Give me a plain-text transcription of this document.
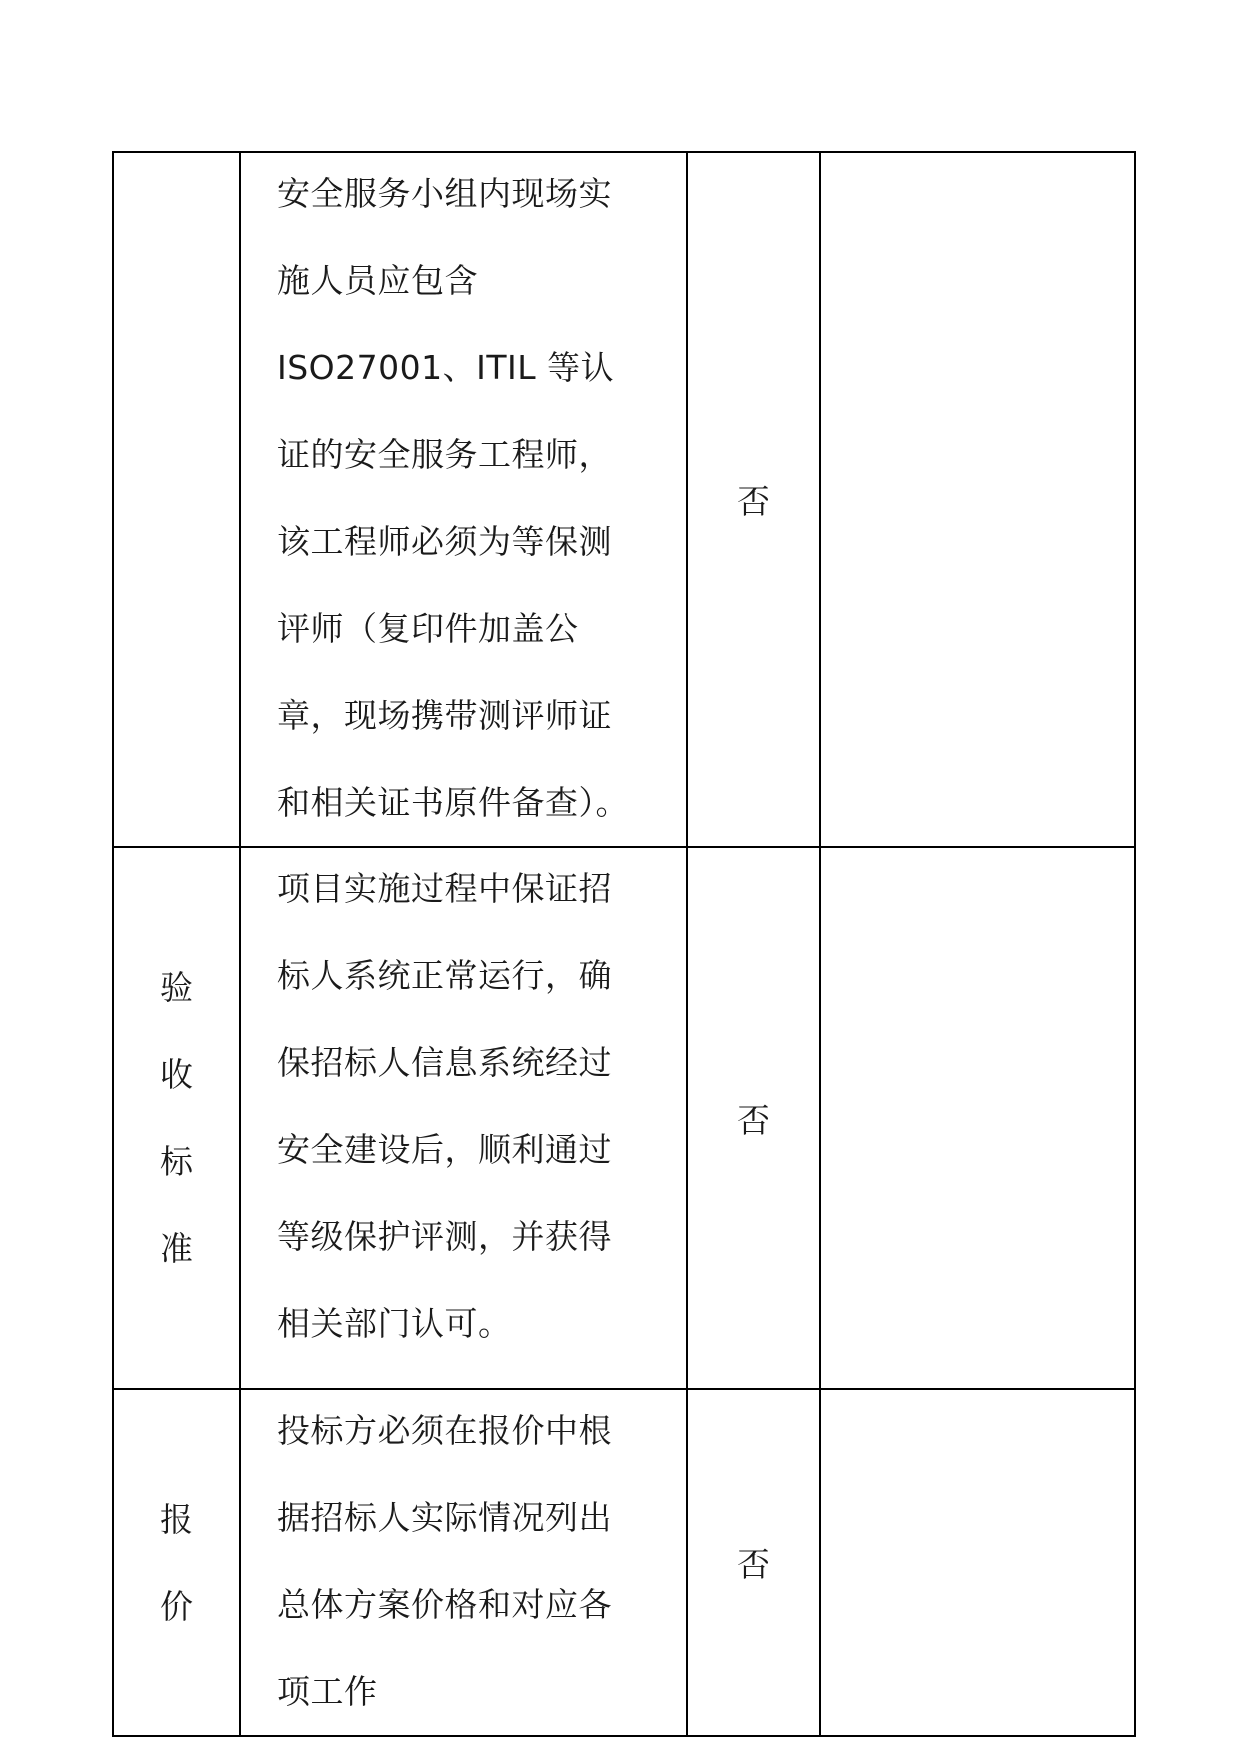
	安全服务小组内现场实施人员应包含 ISO27001、ITIL 等认证的安全服务工程师，该工程师必须为等保测评师（复印件加盖公章，现场携带测评师证和相关证书原件备查）。	否	

验
收
标
准	项目实施过程中保证招标人系统正常运行，确保招标人信息系统经过安全建设后，顺利通过等级保护评测，并获得相关部门认可。	否	

报
价	投标方必须在报价中根据招标人实际情况列出总体方案价格和对应各项工作	否	
